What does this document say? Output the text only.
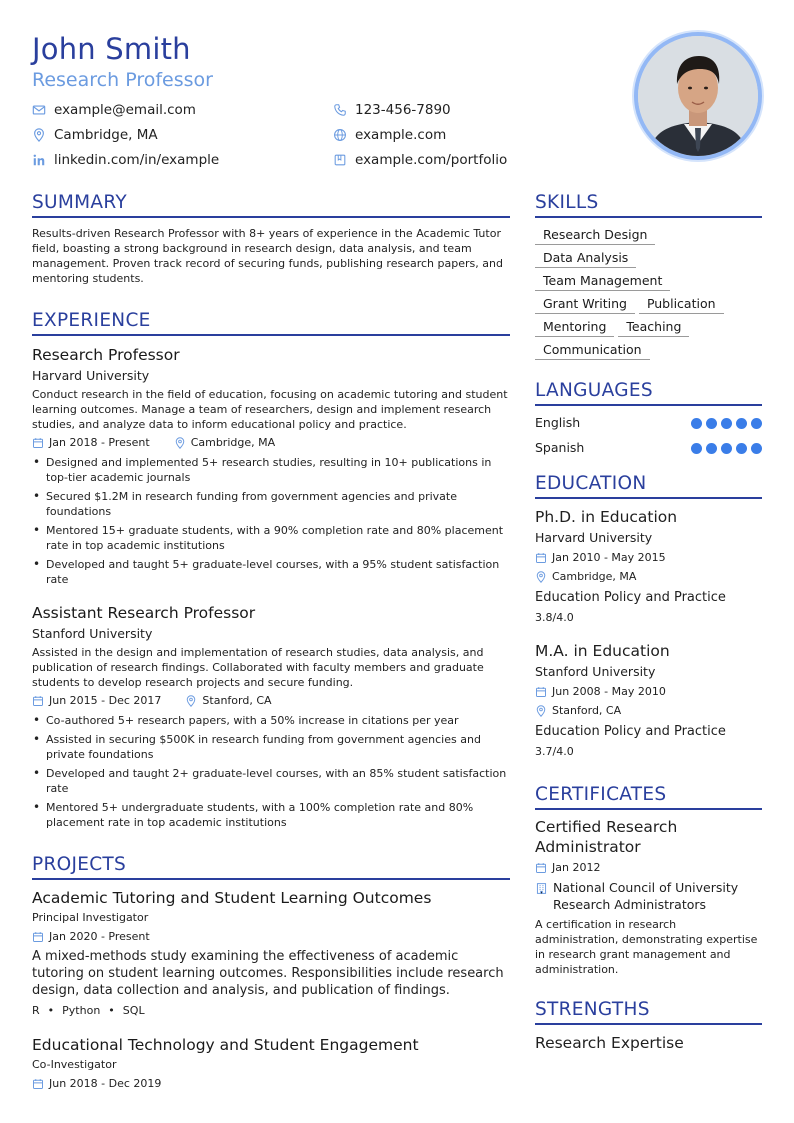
John Smith
Research Professor
example@email.com	123-456-7890
Cambridge, MA	example.com
linkedin.com/in/example	example.com/portfolio
SUMMARY
Results-driven Research Professor with 8+ years of experience in the Academic Tutor field, boasting a strong background in research design, data analysis, and team management. Proven track record of securing funds, publishing research papers, and mentoring students.
EXPERIENCE
Research Professor
Harvard University
Conduct research in the field of education, focusing on academic tutoring and student learning outcomes. Manage a team of researchers, design and implement research studies, and analyze data to inform educational policy and practice.
Jan 2018 - Present	Cambridge, MA
• Designed and implemented 5+ research studies, resulting in 10+ publications in top-tier academic journals
• Secured $1.2M in research funding from government agencies and private foundations
• Mentored 15+ graduate students, with a 90% completion rate and 80% placement rate in top academic institutions
• Developed and taught 5+ graduate-level courses, with a 95% student satisfaction rate
Assistant Research Professor
Stanford University
Assisted in the design and implementation of research studies, data analysis, and publication of research findings. Collaborated with faculty members and graduate students to develop research projects and secure funding.
Jun 2015 - Dec 2017	Stanford, CA
• Co-authored 5+ research papers, with a 50% increase in citations per year
• Assisted in securing $500K in research funding from government agencies and private foundations
• Developed and taught 2+ graduate-level courses, with an 85% student satisfaction rate
• Mentored 5+ undergraduate students, with a 100% completion rate and 80% placement rate in top academic institutions
PROJECTS
Academic Tutoring and Student Learning Outcomes
Principal Investigator
Jan 2020 - Present
A mixed-methods study examining the effectiveness of academic tutoring on student learning outcomes. Responsibilities include research design, data collection and analysis, and publication of findings.
R • Python • SQL
Educational Technology and Student Engagement
Co-Investigator
Jun 2018 - Dec 2019
SKILLS
Research Design
Data Analysis
Team Management
Grant Writing	Publication
Mentoring	Teaching
Communication
LANGUAGES
English
Spanish
EDUCATION
Ph.D. in Education
Harvard University
Jan 2010 - May 2015
Cambridge, MA
Education Policy and Practice
3.8/4.0
M.A. in Education
Stanford University
Jun 2008 - May 2010
Stanford, CA
Education Policy and Practice
3.7/4.0
CERTIFICATES
Certified Research Administrator
Jan 2012
National Council of University Research Administrators
A certification in research administration, demonstrating expertise in research grant management and administration.
STRENGTHS
Research Expertise
